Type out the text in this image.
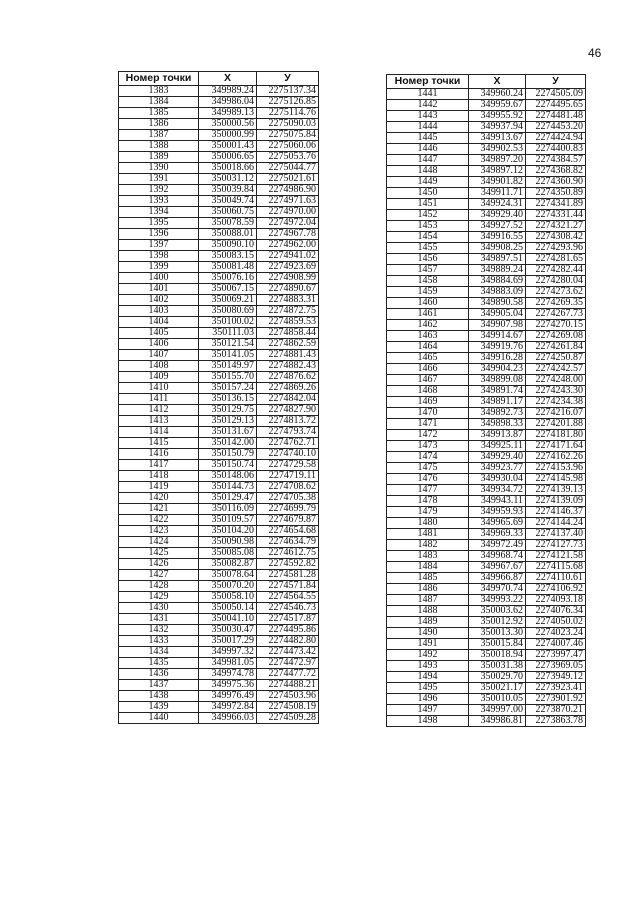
46
Номер точки	X	У
1383	349989.24	2275137.34
1384	349986.04	2275126.85
1385	349989.13	2275114.76
1386	350000.56	2275090.03
1387	350000.99	2275075.84
1388	350001.43	2275060.06
1389	350006.65	2275053.76
1390	350018.66	2275044.77
1391	350031.12	2275021.61
1392	350039.84	2274986.90
1393	350049.74	2274971.63
1394	350060.75	2274970.00
1395	350078.59	2274972.04
1396	350088.01	2274967.78
1397	350090.10	2274962.00
1398	350083.15	2274941.02
1399	350081.48	2274923.69
1400	350076.16	2274908.99
1401	350067.15	2274890.67
1402	350069.21	2274883.31
1403	350080.69	2274872.75
1404	350100.02	2274859.53
1405	350111.03	2274858.44
1406	350121.54	2274862.59
1407	350141.05	2274881.43
1408	350149.97	2274882.43
1409	350155.70	2274876.62
1410	350157.24	2274869.26
1411	350136.15	2274842.04
1412	350129.75	2274827.90
1413	350129.13	2274813.72
1414	350131.67	2274793.74
1415	350142.00	2274762.71
1416	350150.79	2274740.10
1417	350150.74	2274729.58
1418	350148.06	2274719.11
1419	350144.73	2274708.62
1420	350129.47	2274705.38
1421	350116.09	2274699.79
1422	350109.57	2274679.87
1423	350104.20	2274654.68
1424	350090.98	2274634.79
1425	350085.08	2274612.75
1426	350082.87	2274592.82
1427	350078.64	2274581.28
1428	350070.20	2274571.84
1429	350058.10	2274564.55
1430	350050.14	2274546.73
1431	350041.10	2274517.87
1432	350030.47	2274495.86
1433	350017.29	2274482.80
1434	349997.32	2274473.42
1435	349981.05	2274472.97
1436	349974.78	2274477.72
1437	349975.36	2274488.21
1438	349976.49	2274503.96
1439	349972.84	2274508.19
1440	349966.03	2274509.28
Номер точки	X	У
1441	349960.24	2274505.09
1442	349959.67	2274495.65
1443	349955.92	2274481.48
1444	349937.94	2274453.20
1445	349913.67	2274424.94
1446	349902.53	2274400.83
1447	349897.20	2274384.57
1448	349897.12	2274368.82
1449	349901.82	2274360.90
1450	349911.71	2274350.89
1451	349924.31	2274341.89
1452	349929.40	2274331.44
1453	349927.52	2274321.27
1454	349916.55	2274308.42
1455	349908.25	2274293.96
1456	349897.51	2274281.65
1457	349889.24	2274282.44
1458	349884.69	2274280.04
1459	349883.09	2274273.62
1460	349890.58	2274269.35
1461	349905.04	2274267.73
1462	349907.98	2274270.15
1463	349914.67	2274269.08
1464	349919.76	2274261.84
1465	349916.28	2274250.87
1466	349904.23	2274242.57
1467	349899.08	2274248.00
1468	349891.74	2274243.30
1469	349891.17	2274234.38
1470	349892.73	2274216.07
1471	349898.33	2274201.88
1472	349913.87	2274181.80
1473	349925.11	2274171.64
1474	349929.40	2274162.26
1475	349923.77	2274153.96
1476	349930.04	2274145.98
1477	349934.72	2274139.13
1478	349943.11	2274139.09
1479	349959.93	2274146.37
1480	349965.69	2274144.24
1481	349969.33	2274137.40
1482	349972.49	2274127.73
1483	349968.74	2274121.58
1484	349967.67	2274115.68
1485	349966.87	2274110.61
1486	349970.74	2274106.92
1487	349993.22	2274093.18
1488	350003.62	2274076.34
1489	350012.92	2274050.02
1490	350013.30	2274023.24
1491	350015.84	2274007.46
1492	350018.94	2273997.47
1493	350031.38	2273969.05
1494	350029.70	2273949.12
1495	350021.17	2273923.41
1496	350010.05	2273901.92
1497	349997.00	2273870.21
1498	349986.81	2273863.78
